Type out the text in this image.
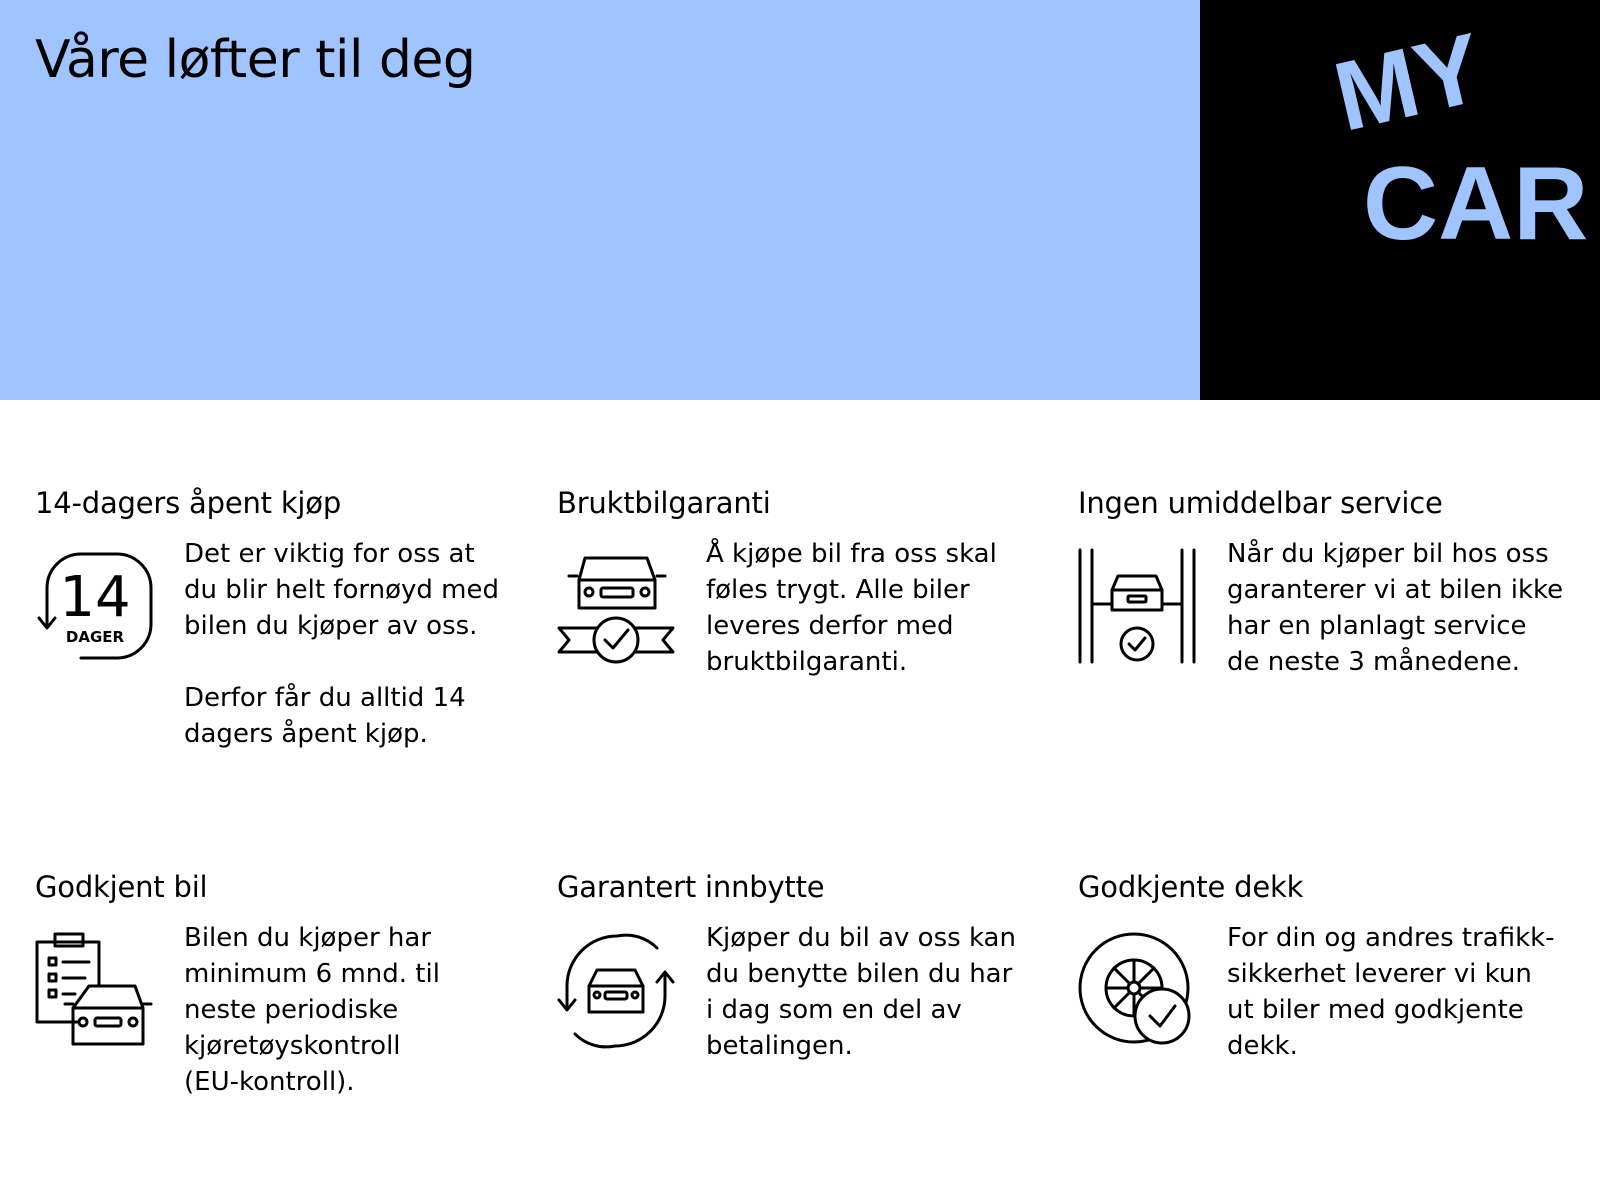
Våre løfter til deg	MY
CAR
14-dagers åpent kjøp
14
DAGER

Det er viktig for oss at
du blir helt fornøyd med
bilen du kjøper av oss.

Derfor får du alltid 14
dagers åpent kjøp.

Bruktbilgaranti

Å kjøpe bil fra oss skal
føles trygt. Alle biler
leveres derfor med
bruktbilgaranti.

Ingen umiddelbar service

Når du kjøper bil hos oss
garanterer vi at bilen ikke
har en planlagt service
de neste 3 månedene.

Godkjent bil

Bilen du kjøper har
minimum 6 mnd. til
neste periodiske
kjøretøyskontroll
(EU-kontroll).

Garantert innbytte

Kjøper du bil av oss kan
du benytte bilen du har
i dag som en del av
betalingen.

Godkjente dekk

For din og andres trafikk-
sikkerhet leverer vi kun
ut biler med godkjente
dekk.
